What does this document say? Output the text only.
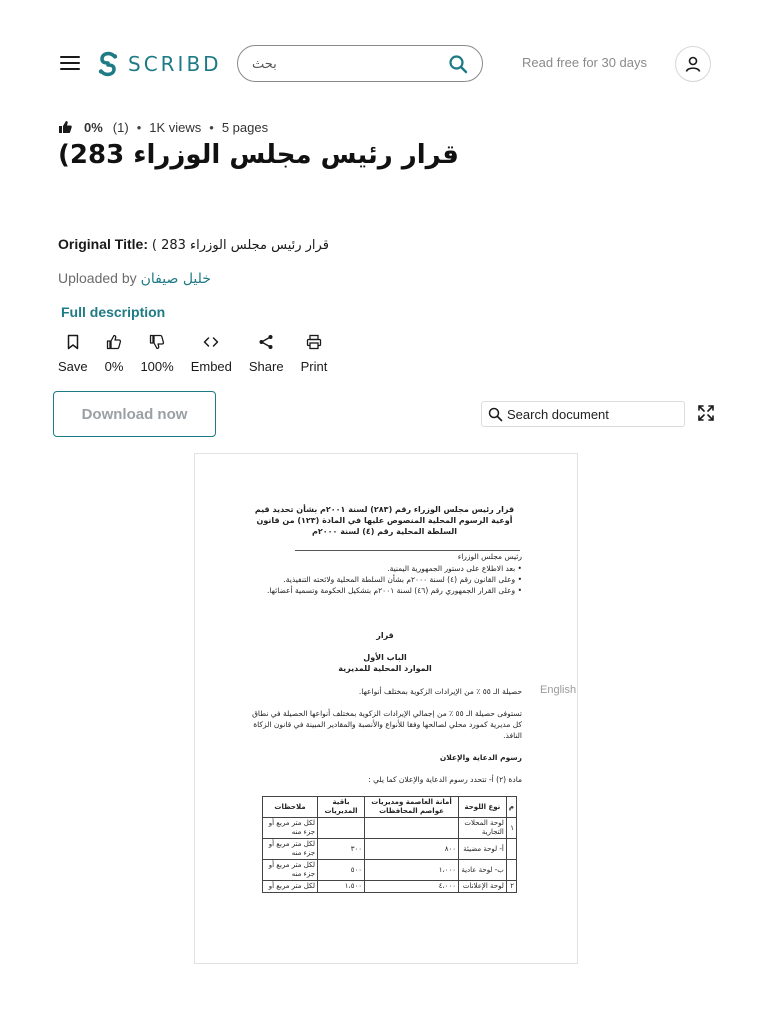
SCRIBD
بحث	Read free for 30 days
0% (1) • 1K views • 5 pages
(قرار رئيس مجلس الوزراء 283
Original Title: ( قرار رئيس مجلس الوزراء 283
Uploaded by خليل صيفان
Full description
Save 0% 100% Embed Share Print
Download now
Search document
قرار رئيس مجلس الوزراء رقم (٢٨٣) لسنة ٢٠٠١م بشأن تحديد قيم أوعية الرسوم المحلية المنصوص عليها في المادة (١٢٣) من قانون السلطة المحلية رقم (٤) لسنة ٢٠٠٠م
رئيس مجلس الوزراء
• بعد الاطلاع على دستور الجمهورية اليمنية.
• وعلى القانون رقم (٤) لسنة ٢٠٠٠م بشأن السلطة المحلية ولائحته التنفيذية.
• وعلى القرار الجمهوري رقم (٤٦) لسنة ٢٠٠١م بتشكيل الحكومة وتسمية أعضائها.
قرار
الباب الأول
الموارد المحلية للمديرية
حصيلة الـ ٥٥ ٪ من الإيرادات الزكوية بمختلف أنواعها.
تستوفى حصيلة الـ ٥٥ ٪ من إجمالي الإيرادات الزكوية بمختلف أنواعها الحصيلة في نطاق كل مديرية كمورد محلي لصالحها وفقا للأنواع والأنصبة والمقادير المبينة في قانون الزكاة النافذ.
رسوم الدعاية والإعلان
مادة (٢) أ- تتحدد رسوم الدعاية والإعلان كما يلي :
English
م	نوع اللوحة	أمانة العاصمة ومديريات عواصم المحافظات	باقية المديريات	ملاحظات
١	لوحة المحلات التجارية			لكل متر مربع أو جزء منه
	أ- لوحة مضيئة	٨٠٠	٣٠٠	لكل متر مربع أو جزء منه
	ب- لوحة عادية	١،٠٠٠	٥٠٠	لكل متر مربع أو جزء منه
٢	لوحة الإعلانات	٤،٠٠٠	١،٥٠٠	لكل متر مربع أو
